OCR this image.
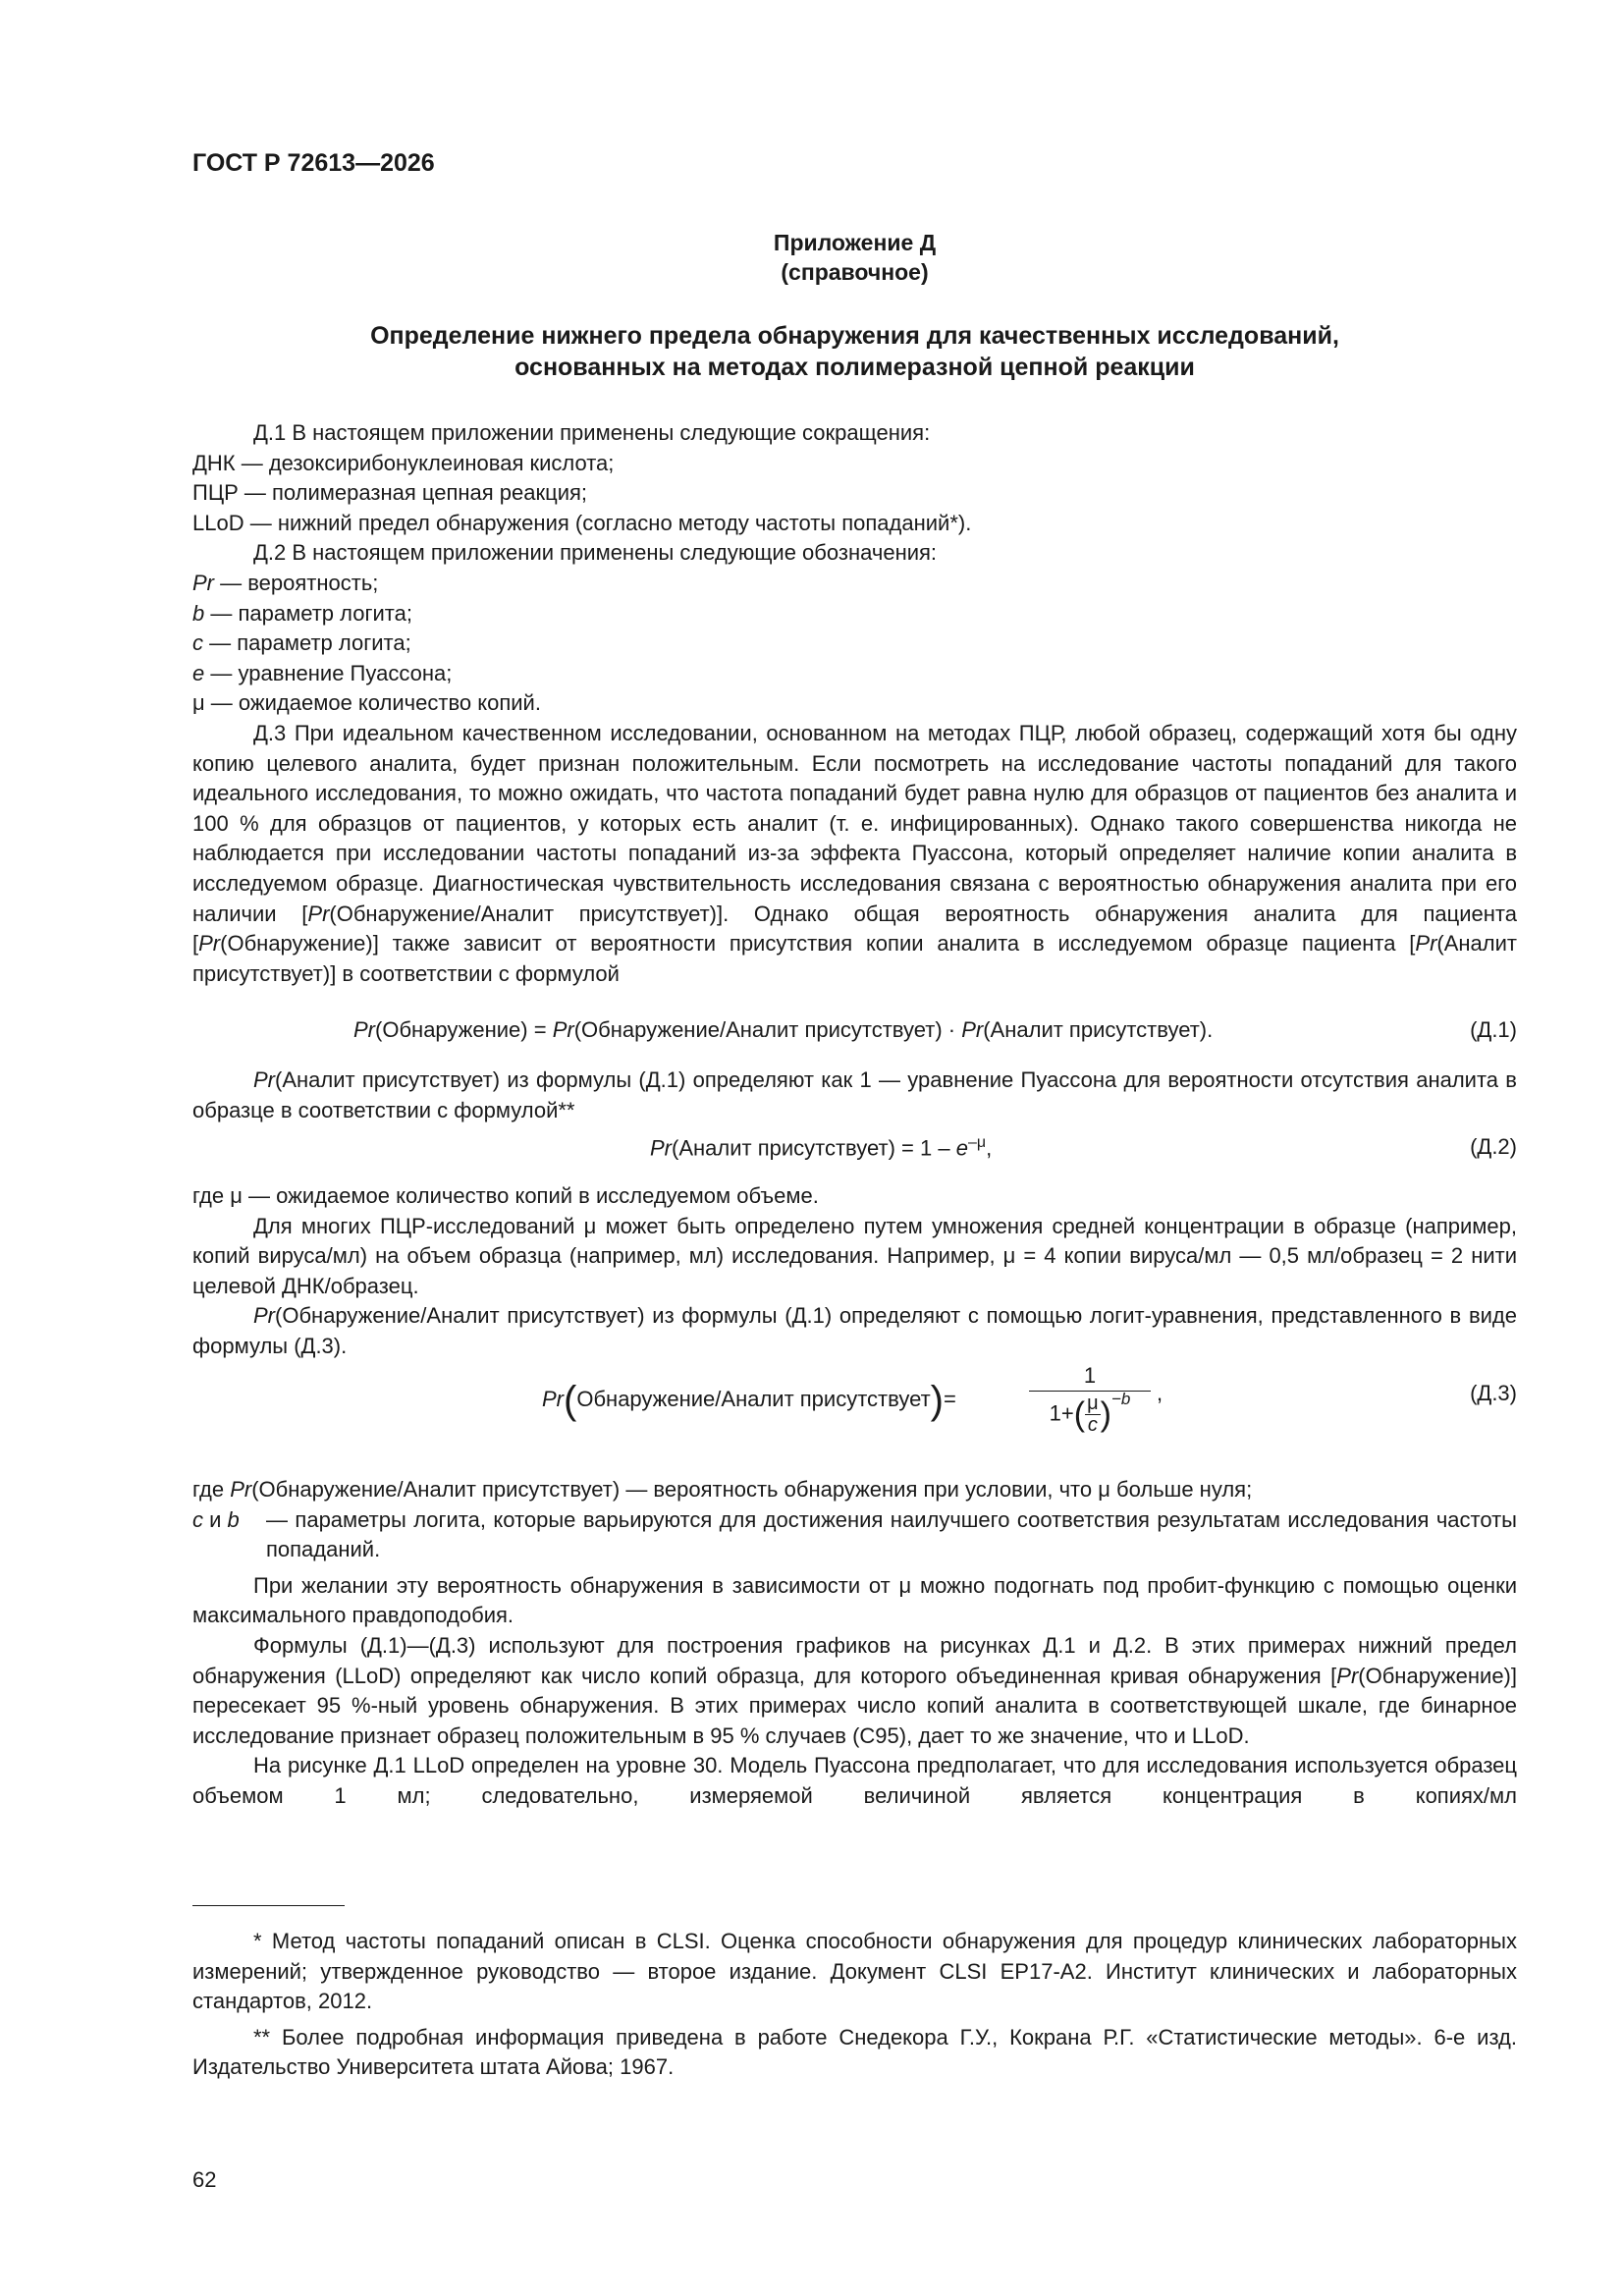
ГОСТ Р 72613—2026
Приложение Д
(справочное)
Определение нижнего предела обнаружения для качественных исследований,
основанных на методах полимеразной цепной реакции

Д.1 В настоящем приложении применены следующие сокращения:

ДНК — дезоксирибонуклеиновая кислота;

ПЦР — полимеразная цепная реакция;

LLoD — нижний предел обнаружения (согласно методу частоты попаданий*).

Д.2 В настоящем приложении применены следующие обозначения:

Pr — вероятность;

b — параметр логита;

c — параметр логита;

e — уравнение Пуассона;

μ — ожидаемое количество копий.

Д.3 При идеальном качественном исследовании, основанном на методах ПЦР, любой образец, содержащий хотя бы одну копию целевого аналита, будет признан положительным. Если посмотреть на исследование частоты попаданий для такого идеального исследования, то можно ожидать, что частота попаданий будет равна нулю для образцов от пациентов без аналита и 100 % для образцов от пациентов, у которых есть аналит (т. е. инфицированных). Однако такого совершенства никогда не наблюдается при исследовании частоты попаданий из-за эффекта Пуассона, который определяет наличие копии аналита в исследуемом образце. Диагностическая чувствительность исследования связана с вероятностью обнаружения аналита при его наличии [Pr(Обнаружение/Аналит присутствует)]. Однако общая вероятность обнаружения аналита для пациента [Pr(Обнаружение)] также зависит от вероятности присутствия копии аналита в исследуемом образце пациента [Pr(Аналит присутствует)] в соответствии с формулой

Pr(Обнаружение) = Pr(Обнаружение/Аналит присутствует) · Pr(Аналит присутствует).	(Д.1)

Pr(Аналит присутствует) из формулы (Д.1) определяют как 1 — уравнение Пуассона для вероятности отсутствия аналита в образце в соответствии с формулой**

Pr(Аналит присутствует) = $1 - e^{-\mu}$,	(Д.2)

где μ — ожидаемое количество копий в исследуемом объеме.

Для многих ПЦР-исследований μ может быть определено путем умножения средней концентрации в образце (например, копий вируса/мл) на объем образца (например, мл) исследования. Например, μ = 4 копии вируса/мл — 0,5 мл/образец = 2 нити целевой ДНК/образец.

Pr(Обнаружение/Аналит присутствует) из формулы (Д.1) определяют с помощью логит-уравнения, представленного в виде формулы (Д.3).

Pr(Обнаружение/Аналит присутствует)=
1
$1+( \frac{\mu}{c} )^{-b}$	,	(Д.3)

где Pr(Обнаружение/Аналит присутствует) — вероятность обнаружения при условии, что μ больше нуля;

c и b — параметры логита, которые варьируются для достижения наилучшего соответствия результатам исследования частоты попаданий.

При желании эту вероятность обнаружения в зависимости от μ можно подогнать под пробит-функцию с помощью оценки максимального правдоподобия.

Формулы (Д.1)—(Д.3) используют для построения графиков на рисунках Д.1 и Д.2. В этих примерах нижний предел обнаружения (LLoD) определяют как число копий образца, для которого объединенная кривая обнаружения [Pr(Обнаружение)] пересекает 95 %-ный уровень обнаружения. В этих примерах число копий аналита в соответствующей шкале, где бинарное исследование признает образец положительным в 95 % случаев (C95), дает то же значение, что и LLoD.

На рисунке Д.1 LLoD определен на уровне 30. Модель Пуассона предполагает, что для исследования используется образец объемом 1 мл; следовательно, измеряемой величиной является концентрация в копиях/мл

* Метод частоты попаданий описан в CLSI. Оценка способности обнаружения для процедур клинических лабораторных измерений; утвержденное руководство — второе издание. Документ CLSI EP17-A2. Институт клинических и лабораторных стандартов, 2012.

** Более подробная информация приведена в работе Снедекора Г.У., Кокрана Р.Г. «Статистические методы». 6-е изд. Издательство Университета штата Айова; 1967.

62
